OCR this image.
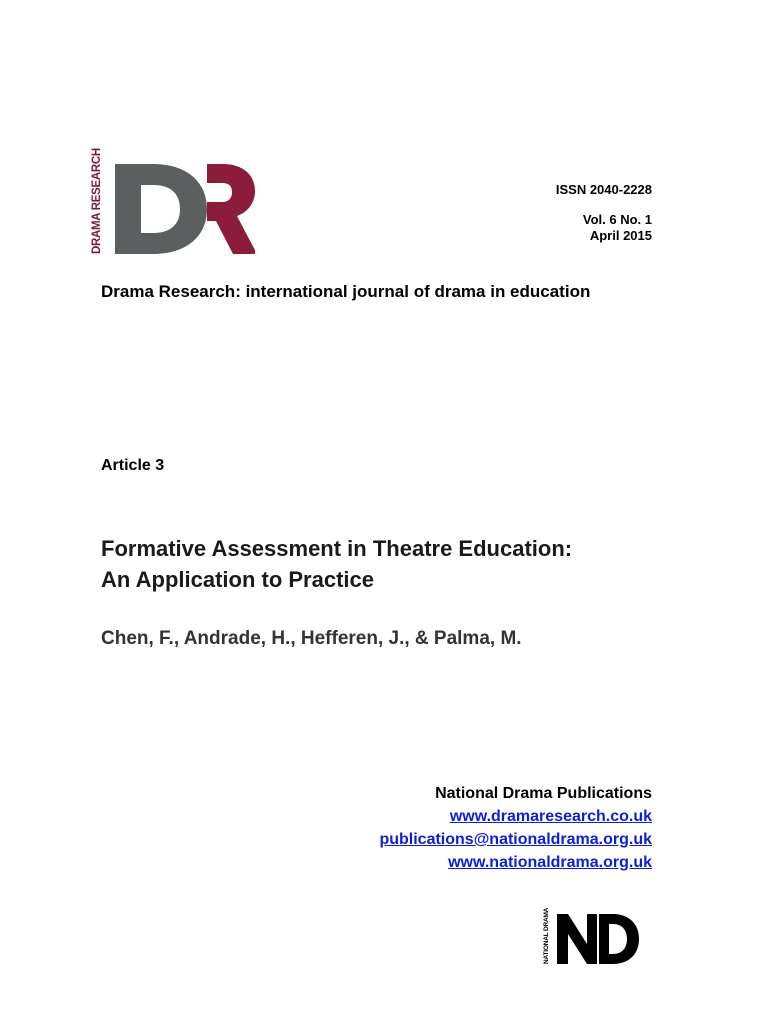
DRAMA RESEARCH	ISSN 2040-2228
Vol. 6 No. 1
April 2015
Drama Research: international journal of drama in education
Article 3
Formative Assessment in Theatre Education:
An Application to Practice
Chen, F., Andrade, H., Hefferen, J., & Palma, M.
National Drama Publications
www.dramaresearch.co.uk
publications@nationaldrama.org.uk
www.nationaldrama.org.uk
NATIONAL DRAMA
